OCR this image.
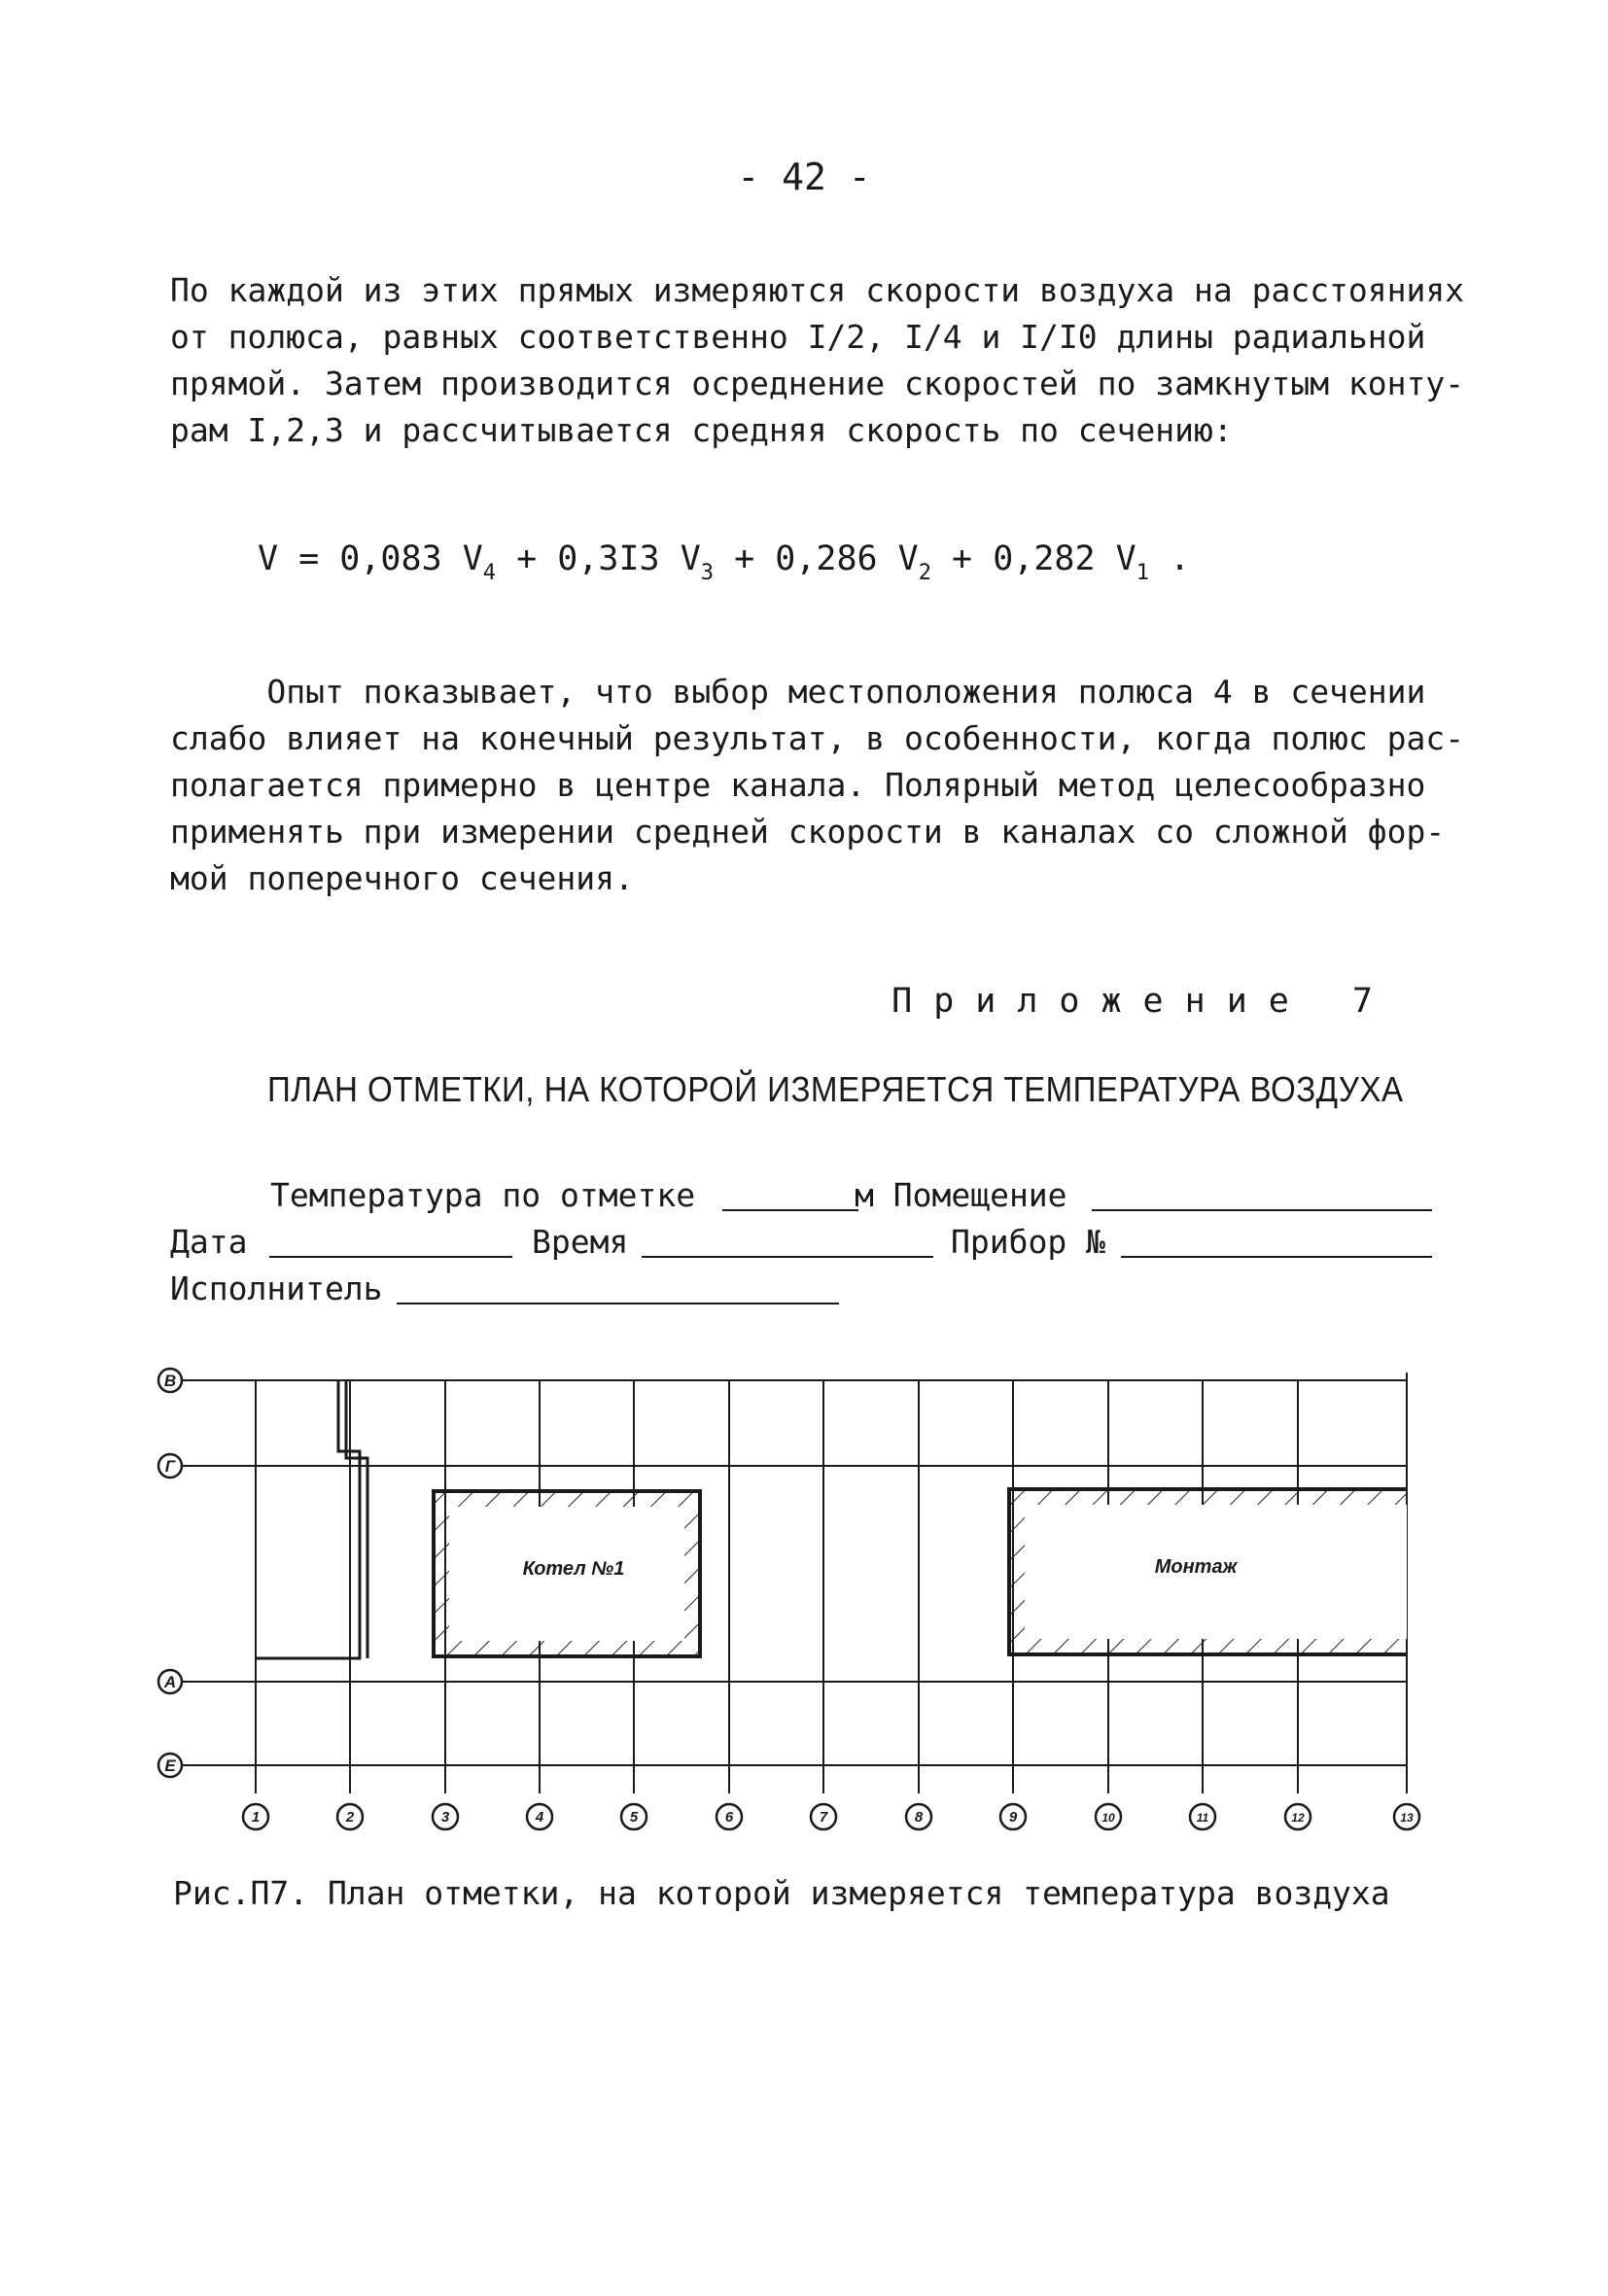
- 42 -
По каждой из этих прямых измеряются скорости воздуха на расстояниях
от полюса, равных соответственно I/2, I/4 и I/I0 длины радиальной
прямой. Затем производится осреднение скоростей по замкнутым конту-
рам I,2,3 и рассчитывается средняя скорость по сечению:
V = 0,083 $V_4 + 0,3I3$ $V_3 + 0,286$ $V_2 + 0,282$ $V_1$ .
Опыт показывает, что выбор местоположения полюса 4 в сечении
слабо влияет на конечный результат, в особенности, когда полюс рас-
полагается примерно в центре канала. Полярный метод целесообразно
применять при измерении средней скорости в каналах со сложной фор-
мой поперечного сечения.
Приложение 7
ПЛАН ОТМЕТКИ, НА КОТОРОЙ ИЗМЕРЯЕТСЯ ТЕМПЕРАТУРА ВОЗДУХА
Температура по отметке	м Помещение
Дата	Время	Прибор №
Исполнитель
Котел №1	Монтаж
В
Г
А
Е
1	2	3	4	5	6	7	8	9	10	11	12	13
Рис.П7. План отметки, на которой измеряется температура воздуха
